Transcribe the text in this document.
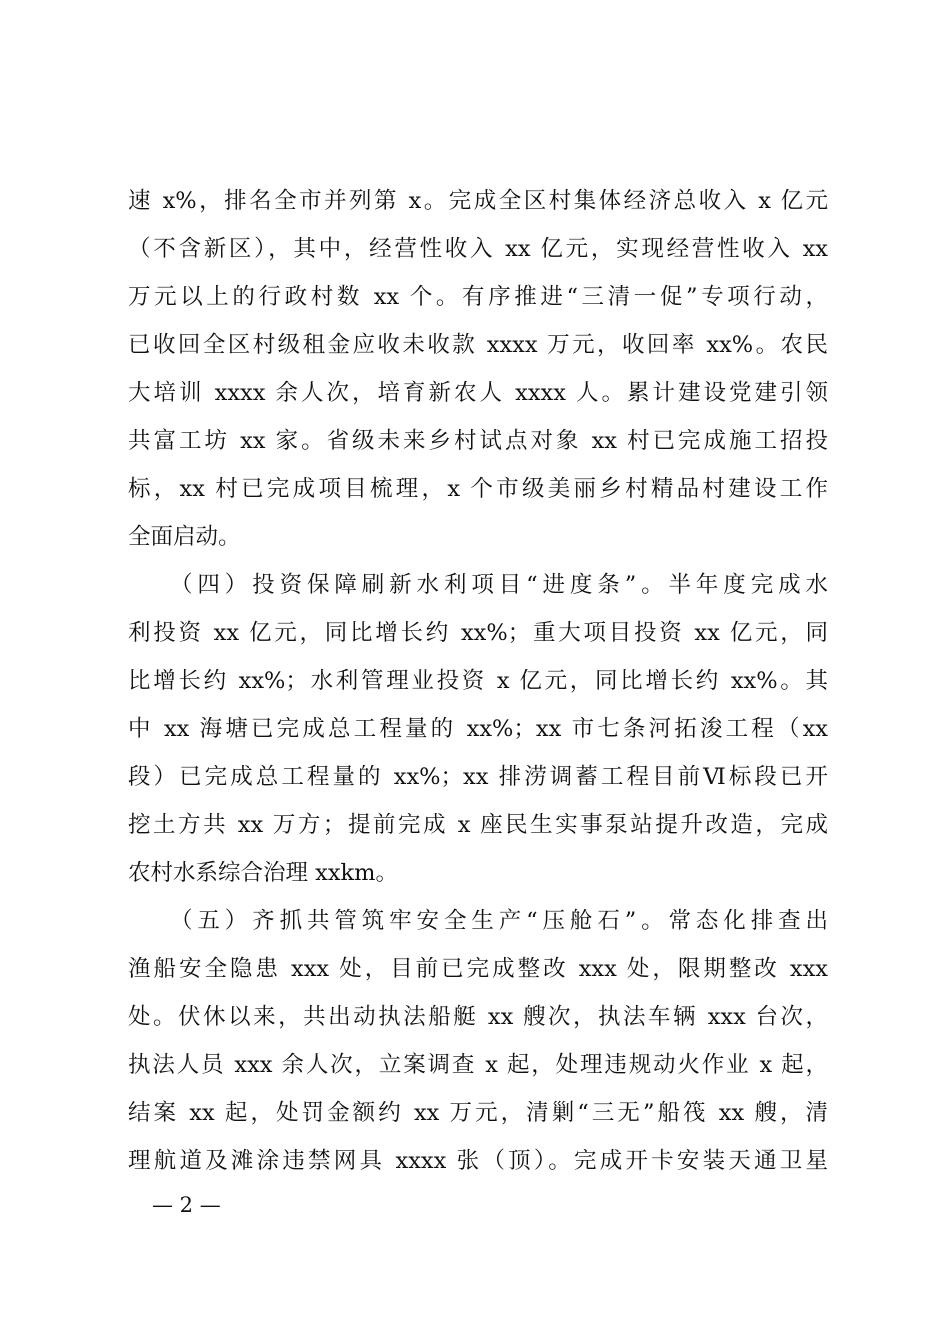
速 x%，排名全市并列第 x。完成全区村集体经济总收入 x 亿元
（不含新区），其中，经营性收入 xx 亿元，实现经营性收入 xx
万元以上的行政村数 xx 个。有序推进“三清一促”专项行动，
已收回全区村级租金应收未收款 xxxx 万元，收回率 xx%。农民
大培训 xxxx 余人次，培育新农人 xxxx 人。累计建设党建引领
共富工坊 xx 家。省级未来乡村试点对象 xx 村已完成施工招投
标，xx 村已完成项目梳理，x 个市级美丽乡村精品村建设工作
全面启动。
（四）投资保障刷新水利项目“进度条”。半年度完成水
利投资 xx 亿元，同比增长约 xx%；重大项目投资 xx 亿元，同
比增长约 xx%；水利管理业投资 x 亿元，同比增长约 xx%。其
中 xx 海塘已完成总工程量的 xx%；xx 市七条河拓浚工程（xx
段）已完成总工程量的 xx%；xx 排涝调蓄工程目前Ⅵ标段已开
挖土方共 xx 万方；提前完成 x 座民生实事泵站提升改造，完成
农村水系综合治理 xxkm。
（五）齐抓共管筑牢安全生产“压舱石”。常态化排查出
渔船安全隐患 xxx 处，目前已完成整改 xxx 处，限期整改 xxx
处。伏休以来，共出动执法船艇 xx 艘次，执法车辆 xxx 台次，
执法人员 xxx 余人次，立案调查 x 起，处理违规动火作业 x 起，
结案 xx 起，处罚金额约 xx 万元，清剿“三无”船筏 xx 艘，清
理航道及滩涂违禁网具 xxxx 张（顶）。完成开卡安装天通卫星
— 2 —
